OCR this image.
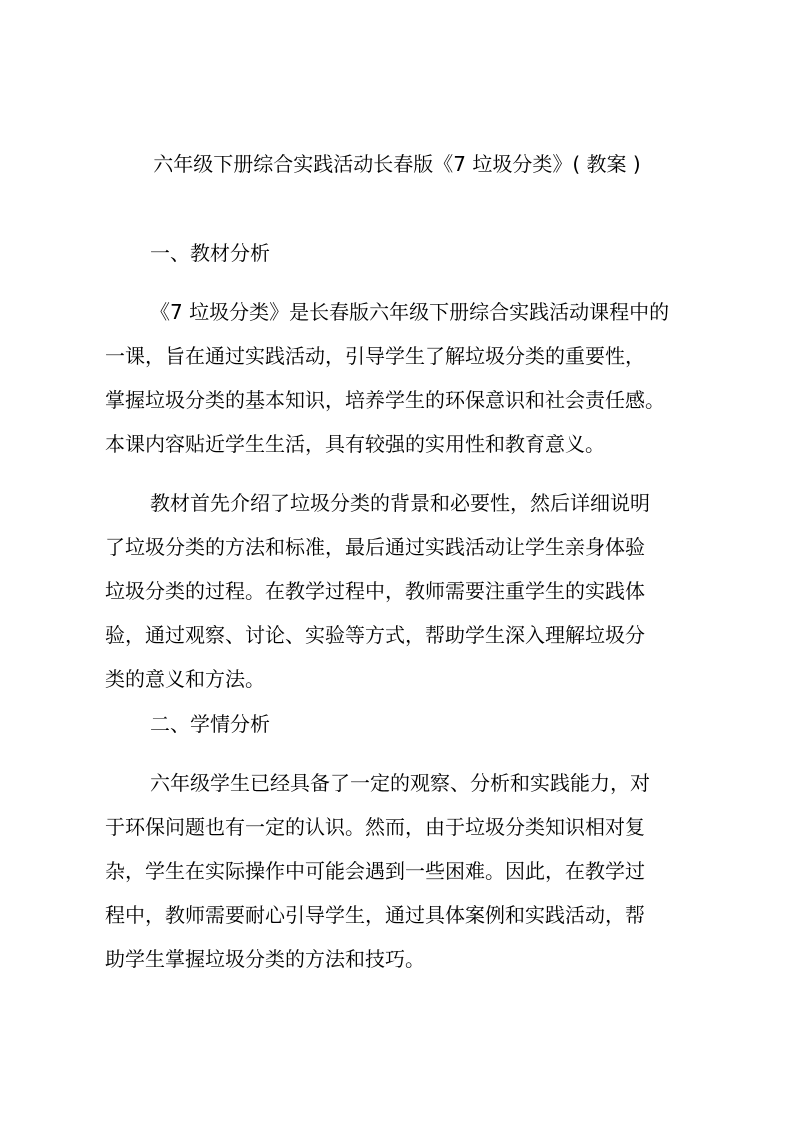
六年级下册综合实践活动长春版《7 垃圾分类》( 教案 )
一、教材分析
《7 垃圾分类》是长春版六年级下册综合实践活动课程中的
一课，旨在通过实践活动，引导学生了解垃圾分类的重要性，
掌握垃圾分类的基本知识，培养学生的环保意识和社会责任感。
本课内容贴近学生生活，具有较强的实用性和教育意义。
教材首先介绍了垃圾分类的背景和必要性，然后详细说明
了垃圾分类的方法和标准，最后通过实践活动让学生亲身体验
垃圾分类的过程。在教学过程中，教师需要注重学生的实践体
验，通过观察、讨论、实验等方式，帮助学生深入理解垃圾分
类的意义和方法。
二、学情分析
六年级学生已经具备了一定的观察、分析和实践能力，对
于环保问题也有一定的认识。然而，由于垃圾分类知识相对复
杂，学生在实际操作中可能会遇到一些困难。因此，在教学过
程中，教师需要耐心引导学生，通过具体案例和实践活动，帮
助学生掌握垃圾分类的方法和技巧。
